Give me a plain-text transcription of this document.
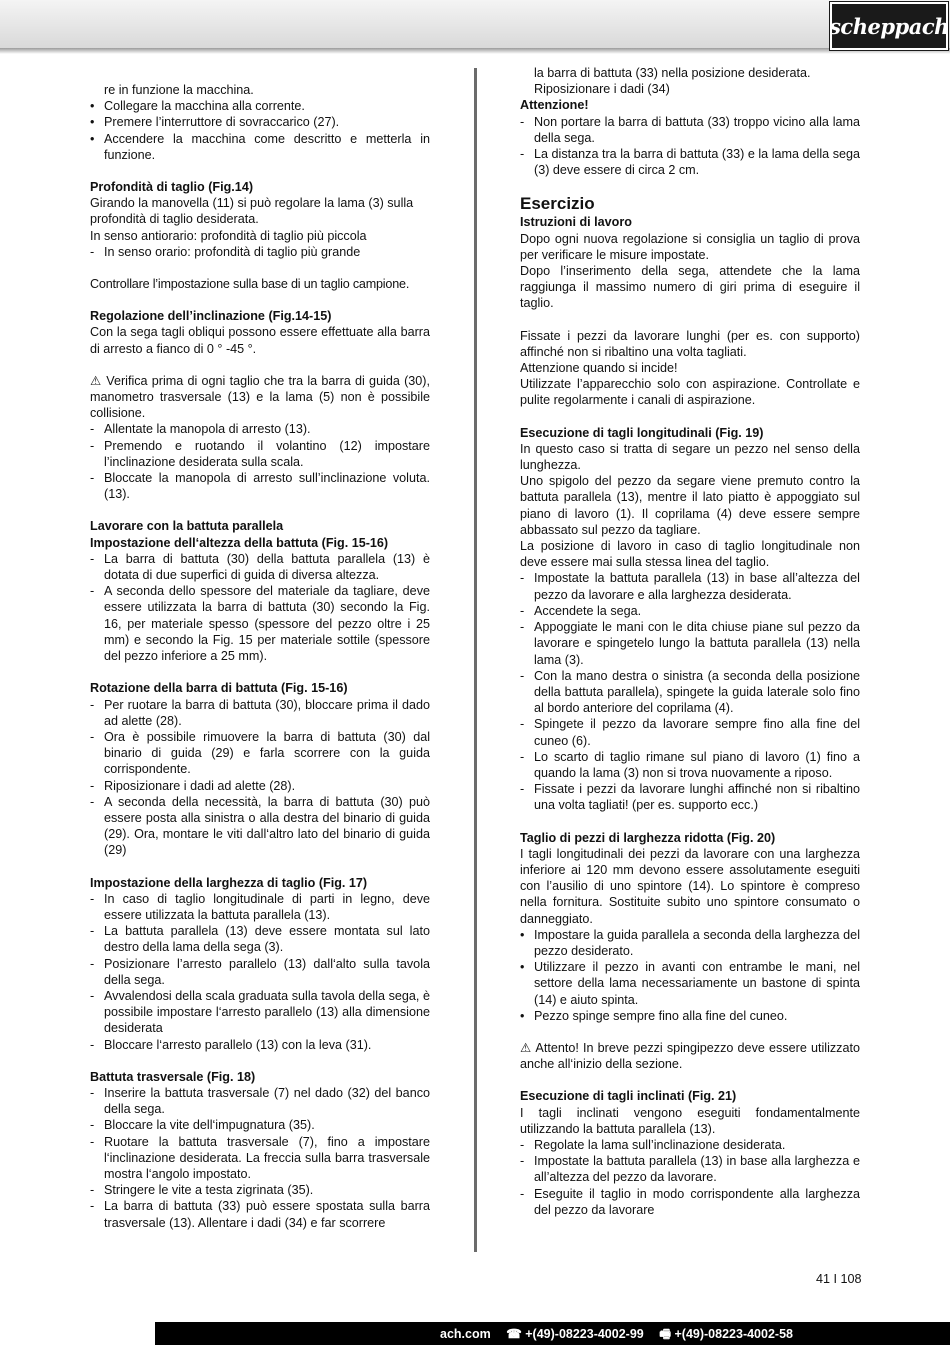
scheppach
re in funzione la macchina.
• Collegare la macchina alla corrente.
• Premere l’interruttore di sovraccarico (27).
• Accendere la macchina come descritto e metterla in funzione.

Profondità di taglio (Fig.14)

Girando la manovella (11) si può regolare la lama (3) sulla profondità di taglio desiderata.

In senso antiorario: profondità di taglio più piccola

- In senso orario: profondità di taglio più grande

Controllare l’impostazione sulla base di un taglio campione.

Regolazione dell’inclinazione (Fig.14-15)

Con la sega tagli obliqui possono essere effettuate alla barra di arresto a fianco di 0 ° -45 °.

⚠ Verifica prima di ogni taglio che tra la barra di guida (30), manometro trasversale (13) e la lama (5) non è possibile collisione.

- Allentate la manopola di arresto (13).
- Premendo e ruotando il volantino (12) impostare l’inclinazione desiderata sulla scala.
- Bloccate la manopola di arresto sull’inclinazione voluta. (13).

Lavorare con la battuta parallela

Impostazione dell‘altezza della battuta (Fig. 15-16)

- La barra di battuta (30) della battuta parallela (13) è dotata di due superfici di guida di diversa altezza.
- A seconda dello spessore del materiale da tagliare, deve essere utilizzata la barra di battuta (30) secondo la Fig. 16, per materiale spesso (spessore del pezzo oltre i 25 mm) e secondo la Fig. 15 per materiale sottile (spessore del pezzo inferiore a 25 mm).

Rotazione della barra di battuta (Fig. 15-16)

- Per ruotare la barra di battuta (30), bloccare prima il dado ad alette (28).
- Ora è possibile rimuovere la barra di battuta (30) dal binario di guida (29) e farla scorrere con la guida corrispondente.
- Riposizionare i dadi ad alette (28).
- A seconda della necessità, la barra di battuta (30) può essere posta alla sinistra o alla destra del binario di guida (29). Ora, montare le viti dall‘altro lato del binario di guida (29)

Impostazione della larghezza di taglio (Fig. 17)

- In caso di taglio longitudinale di parti in legno, deve essere utilizzata la battuta parallela (13).
- La battuta parallela (13) deve essere montata sul lato destro della lama della sega (3).
- Posizionare l’arresto parallelo (13) dall‘alto sulla tavola della sega.
- Avvalendosi della scala graduata sulla tavola della sega, è possibile impostare l‘arresto parallelo (13) alla dimensione desiderata
- Bloccare l‘arresto parallelo (13) con la leva (31).

Battuta trasversale (Fig. 18)

- Inserire la battuta trasversale (7) nel dado (32) del banco della sega.
- Bloccare la vite dell‘impugnatura (35).
- Ruotare la battuta trasversale (7), fino a impostare l‘inclinazione desiderata. La freccia sulla barra trasversale mostra l‘angolo impostato.
- Stringere le vite a testa zigrinata (35).
- La barra di battuta (33) può essere spostata sulla barra trasversale (13). Allentare i dadi (34) e far scorrere

la barra di battuta (33) nella posizione desiderata.

Riposizionare i dadi (34)

Attenzione!

- Non portare la barra di battuta (33) troppo vicino alla lama della sega.
- La distanza tra la barra di battuta (33) e la lama della sega (3) deve essere di circa 2 cm.

Esercizio

Istruzioni di lavoro

Dopo ogni nuova regolazione si consiglia un taglio di prova per verificare le misure impostate.

Dopo l’inserimento della sega, attendete che la lama raggiunga il massimo numero di giri prima di eseguire il taglio.

Fissate i pezzi da lavorare lunghi (per es. con supporto) affinché non si ribaltino una volta tagliati.

Attenzione quando si incide!

Utilizzate l’apparecchio solo con aspirazione. Controllate e pulite regolarmente i canali di aspirazione.

Esecuzione di tagli longitudinali (Fig. 19)

In questo caso si tratta di segare un pezzo nel senso della lunghezza.

Uno spigolo del pezzo da segare viene premuto contro la battuta parallela (13), mentre il lato piatto è appoggiato sul piano di lavoro (1). Il coprilama (4) deve essere sempre abbassato sul pezzo da tagliare.

La posizione di lavoro in caso di taglio longitudinale non deve essere mai sulla stessa linea del taglio.

- Impostate la battuta parallela (13) in base all’altezza del pezzo da lavorare e alla larghezza desiderata.
- Accendete la sega.
- Appoggiate le mani con le dita chiuse piane sul pezzo da lavorare e spingetelo lungo la battuta parallela (13) nella lama (3).
- Con la mano destra o sinistra (a seconda della posizione della battuta parallela), spingete la guida laterale solo fino al bordo anteriore del coprilama (4).
- Spingete il pezzo da lavorare sempre fino alla fine del cuneo (6).
- Lo scarto di taglio rimane sul piano di lavoro (1) fino a quando la lama (3) non si trova nuovamente a riposo.
- Fissate i pezzi da lavorare lunghi affinché non si ribaltino una volta tagliati! (per es. supporto ecc.)

Taglio di pezzi di larghezza ridotta (Fig. 20)

I tagli longitudinali dei pezzi da lavorare con una larghezza inferiore ai 120 mm devono essere assolutamente eseguiti con l’ausilio di uno spintore (14). Lo spintore è compreso nella fornitura. Sostituite subito uno spintore consumato o danneggiato.

• Impostare la guida parallela a seconda della larghezza del pezzo desiderato.
• Utilizzare il pezzo in avanti con entrambe le mani, nel settore della lama necessariamente un bastone di spinta (14) e aiuto spinta.
• Pezzo spinge sempre fino alla fine del cuneo.

⚠ Attento! In breve pezzi spingipezzo deve essere utilizzato anche all‘inizio della sezione.

Esecuzione di tagli inclinati (Fig. 21)

I tagli inclinati vengono eseguiti fondamentalmente utilizzando la battuta parallela (13).

- Regolate la lama sull’inclinazione desiderata.
- Impostate la battuta parallela (13) in base alla larghezza e all’altezza del pezzo da lavorare.
- Eseguite il taglio in modo corrispondente alla larghezza del pezzo da lavorare
41 I 108
ach.com ☎ +(49)-08223-4002-99 🖷 +(49)-08223-4002-58
